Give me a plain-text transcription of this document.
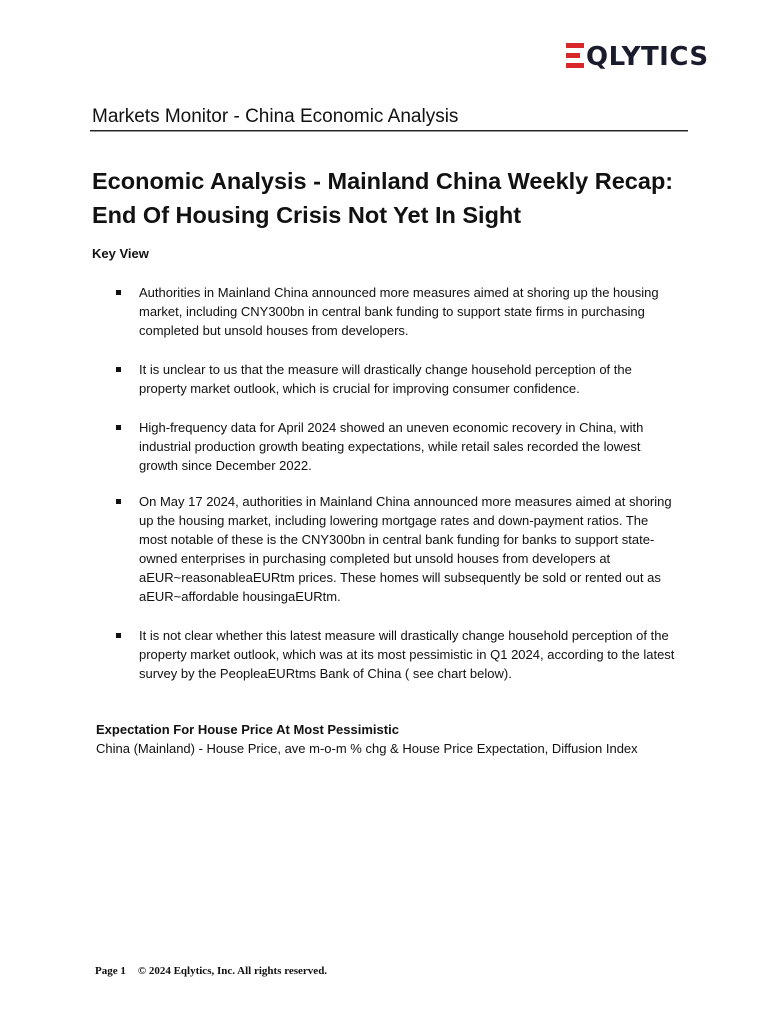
QLYTICS
Markets Monitor - China Economic Analysis
Economic Analysis - Mainland China Weekly Recap: End Of Housing Crisis Not Yet In Sight
Key View
Authorities in Mainland China announced more measures aimed at shoring up the housing market, including CNY300bn in central bank funding to support state firms in purchasing completed but unsold houses from developers.
It is unclear to us that the measure will drastically change household perception of the property market outlook, which is crucial for improving consumer confidence.
High-frequency data for April 2024 showed an uneven economic recovery in China, with industrial production growth beating expectations, while retail sales recorded the lowest growth since December 2022.
On May 17 2024, authorities in Mainland China announced more measures aimed at shoring up the housing market, including lowering mortgage rates and down-payment ratios. The most notable of these is the CNY300bn in central bank funding for banks to support state-owned enterprises in purchasing completed but unsold houses from developers at aEUR~reasonableaEURtm prices. These homes will subsequently be sold or rented out as aEUR~affordable housingaEURtm.
It is not clear whether this latest measure will drastically change household perception of the property market outlook, which was at its most pessimistic in Q1 2024, according to the latest survey by the PeopleaEURtms Bank of China ( see chart below).
Expectation For House Price At Most Pessimistic
China (Mainland) - House Price, ave m-o-m % chg & House Price Expectation, Diffusion Index
Page 1 © 2024 Eqlytics, Inc. All rights reserved.
